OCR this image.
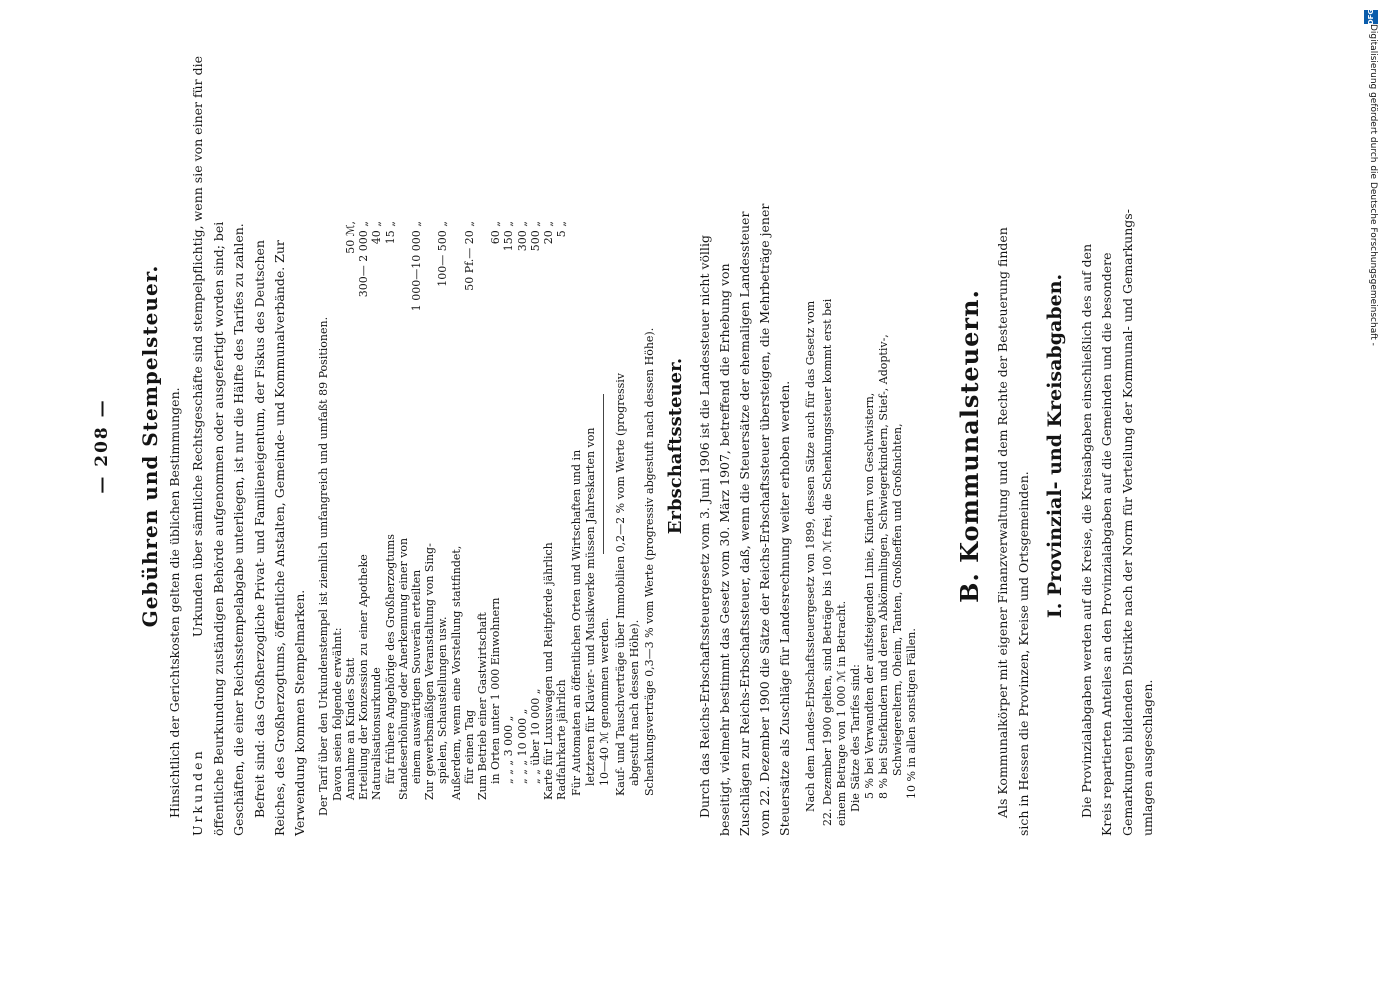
— 208 — Gebühren und Stempelsteuer. Hinsichtlich der Gerichtskosten gelten die üblichen Bestimmungen. Urkunden
Urkunden über sämtliche Rechtsgeschäfte sind stempelpflichtig, wenn sie von einer für die öffentliche Beurkundung zuständigen Behörde aufgenommen oder ausgefertigt worden sind; bei Geschäften, die einer Reichsstempelabgabe unterliegen, ist nur die Hälfte des Tarifes zu zahlen. Befreit sind: das Großherzogliche Privat- und Familieneigentum, der Fiskus des Deutschen Reiches, des Großherzogtums, öffentliche Anstalten, Gemeinde- und Kommunalverbände. Zur Verwendung kommen Stempelmarken. Der Tarif über den Urkundenstempel ist ziemlich umfangreich und umfaßt 89 Positionen. Davon seien folgende erwähnt: Annahme an Kindes Statt
50 ℳ,
Erteilung der Konzession zu einer Apotheke
300— 2 000 „
Naturalisationsurkunde
40 „
für frühere Angehörige des Großherzogtums
15 „
Standeserhöhung oder Anerkennung einer von einem auswärtigen Souverän erteilten
1 000—10 000 „
Zur gewerbsmäßigen Veranstaltung von Sing- spielen, Schaustellungen usw.
100— 500 „
Außerdem, wenn eine Vorstellung stattfindet, für einen Tag
50 Pf.— 20 „
Zum Betrieb einer Gastwirtschaft in Orten unter 1 000 Einwohnern
60 „
„ „ „ 3 000 „
150 „
„ „ „ 10 000 „
300 „
„ „ über 10 000 „
500 „
Karte für Luxuswagen und Reitpferde jährlich
20 „
Radfahrkarte jährlich
5 „
Für Automaten an öffentlichen Orten und Wirtschaften und in letzteren für Klavier- und Musikwerke müssen Jahreskarten von 10—40 ℳ genommen werden. Kauf- und Tauschverträge über Immobilien 0,2—2 % vom Werte (progressiv abgestuft nach dessen Höhe). Schenkungsverträge 0,3—3 % vom Werte (progressiv abgestuft nach dessen Höhe). Erbschaftssteuer. Durch das Reichs-Erbschaftssteuergesetz vom 3. Juni 1906 ist die Landessteuer nicht völlig beseitigt, vielmehr bestimmt das Gesetz vom 30. März 1907, betreffend die Erhebung von Zuschlägen zur Reichs-Erbschaftssteuer, daß, wenn die Steuersätze der ehemaligen Landessteuer vom 22. Dezember 1900 die Sätze der Reichs-Erbschaftssteuer übersteigen, die Mehrbeträge jener Steuersätze als Zuschläge für Landesrechnung weiter erhoben werden. Nach dem Landes-Erbschaftssteuergesetz von 1899, dessen Sätze auch für das Gesetz vom 22. Dezember 1900 gelten, sind Beträge bis 100 ℳ frei, die Schenkungssteuer kommt erst bei einem Betrage von 1 000 ℳ in Betracht. Die Sätze des Tarifes sind: 5 % bei Verwandten der aufsteigenden Linie, Kindern von Geschwistern, 8 % bei Stiefkindern und deren Abkömmlingen, Schwiegerkindern, Stief-, Adoptiv-, Schwiegereltern, Oheim, Tanten, Großneffen und Großnichten, 10 % in allen sonstigen Fällen.
B. Kommunalsteuern. Als Kommunalkörper mit eigener Finanzverwaltung und dem Rechte der Besteuerung finden sich in Hessen die Provinzen, Kreise und Ortsgemeinden.
I. Provinzial- und Kreisabgaben. Die Provinzialabgaben werden auf die Kreise, die Kreisabgaben einschließlich des auf den Kreis repartierten Anteiles an den Provinzialabgaben auf die Gemeinden und die besondere Gemarkungen bildenden Distrikte nach der Norm für Verteilung der Kommunal- und Gemarkungs- umlagen ausgeschlagen.
DFG
Digitalisierung gefördert durch die Deutsche Forschungsgemeinschaft -
